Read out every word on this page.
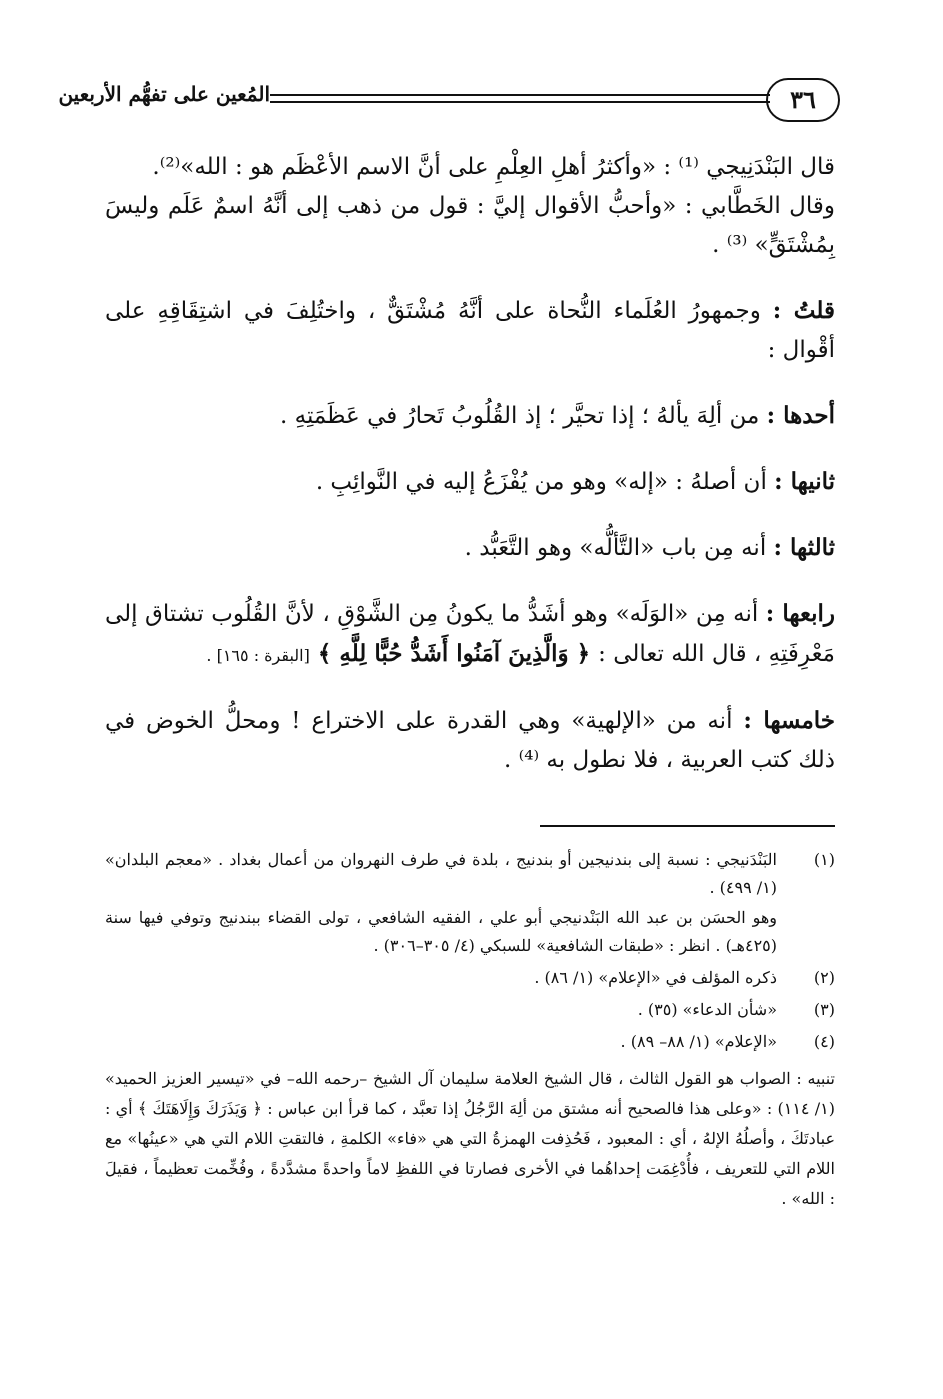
٣٦
المُعين على تفهُّم الأربعين

قال البَنْدَنِيجي ⁽¹⁾ : «وأكثرُ أهلِ العِلْمِ على أنَّ الاسم الأعْظَم هو : الله»⁽²⁾.

وقال الخَطَّابي : «وأحبُّ الأقوال إليَّ : قول من ذهب إلى أنَّهُ اسمٌ عَلَم وليسَ بِمُشْتَقٍّ» ⁽³⁾ .

قلتُ : وجمهورُ العُلَماء النُّحاة على أنَّهُ مُشْتَقٌّ ، واختُلِفَ في اشتِقَاقِهِ على أقْوال :

أحدها : من ألِهَ يألهُ ؛ إذا تحيَّر ؛ إذ القُلُوبُ تَحارُ في عَظَمَتِهِ .

ثانيها : أن أصلهُ : «إله» وهو من يُفْزَعُ إليه في النَّوائِبِ .

ثالثها : أنه مِن باب «التَّألُّه» وهو التَّعَبُّد .

رابعها : أنه مِن «الوَلَه» وهو أشَدُّ ما يكونُ مِن الشَّوْقِ ، لأنَّ القُلُوب تشتاق إلى مَعْرِفَتِهِ ، قال الله تعالى : ﴿ وَالَّذِينَ آمَنُوا أَشَدُّ حُبًّا لِلَّهِ ﴾ [البقرة : ١٦٥] .

خامسها : أنه من «الإلهية» وهي القدرة على الاختراع ! ومحلُّ الخوض في ذلك كتب العربية ، فلا نطول به ⁽⁴⁾ .

(١)
البَنْدَنيجي : نسبة إلى بندنيجين أو بندنيج ، بلدة في طرف النهروان من أعمال بغداد . «معجم البلدان» (١/ ٤٩٩) .
وهو الحسَن بن عبد الله البَنْدنيجي أبو علي ، الفقيه الشافعي ، تولى القضاء ببندنيج وتوفي فيها سنة (٤٢٥هـ) . انظر : «طبقات الشافعية» للسبكي (٤/ ٣٠٥–٣٠٦) .
(٢)
ذكره المؤلف في «الإعلام» (١/ ٨٦) .
(٣)
«شأن الدعاء» (٣٥) .
(٤)
«الإعلام» (١/ ٨٨– ٨٩) .
تنبيه : الصواب هو القول الثالث ، قال الشيخ العلامة سليمان آل الشيخ –رحمه الله– في «تيسير العزيز الحميد» (١/ ١١٤) : «وعلى هذا فالصحيح أنه مشتق من ألِهَ الرَّجُلُ إذا تعبَّد ، كما قرأ ابن عباس : ﴿ وَيَذَرَكَ وَإِلَاهَتَكَ ﴾ أي : عبادتَكَ ، وأصلُهُ الإلهُ ، أي : المعبود ، فَحُذِفت الهمزةُ التي هي «فاء» الكلمةِ ، فالتقتِ اللام التي هي «عينُها» مع اللام التي للتعريف ، فأُدْغِمَت إحداهُما في الأخرى فصارتا في اللفظِ لاماً واحدةً مشدَّدةً ، وفُخِّمت تعظيماً ، فقيلَ : الله» .
